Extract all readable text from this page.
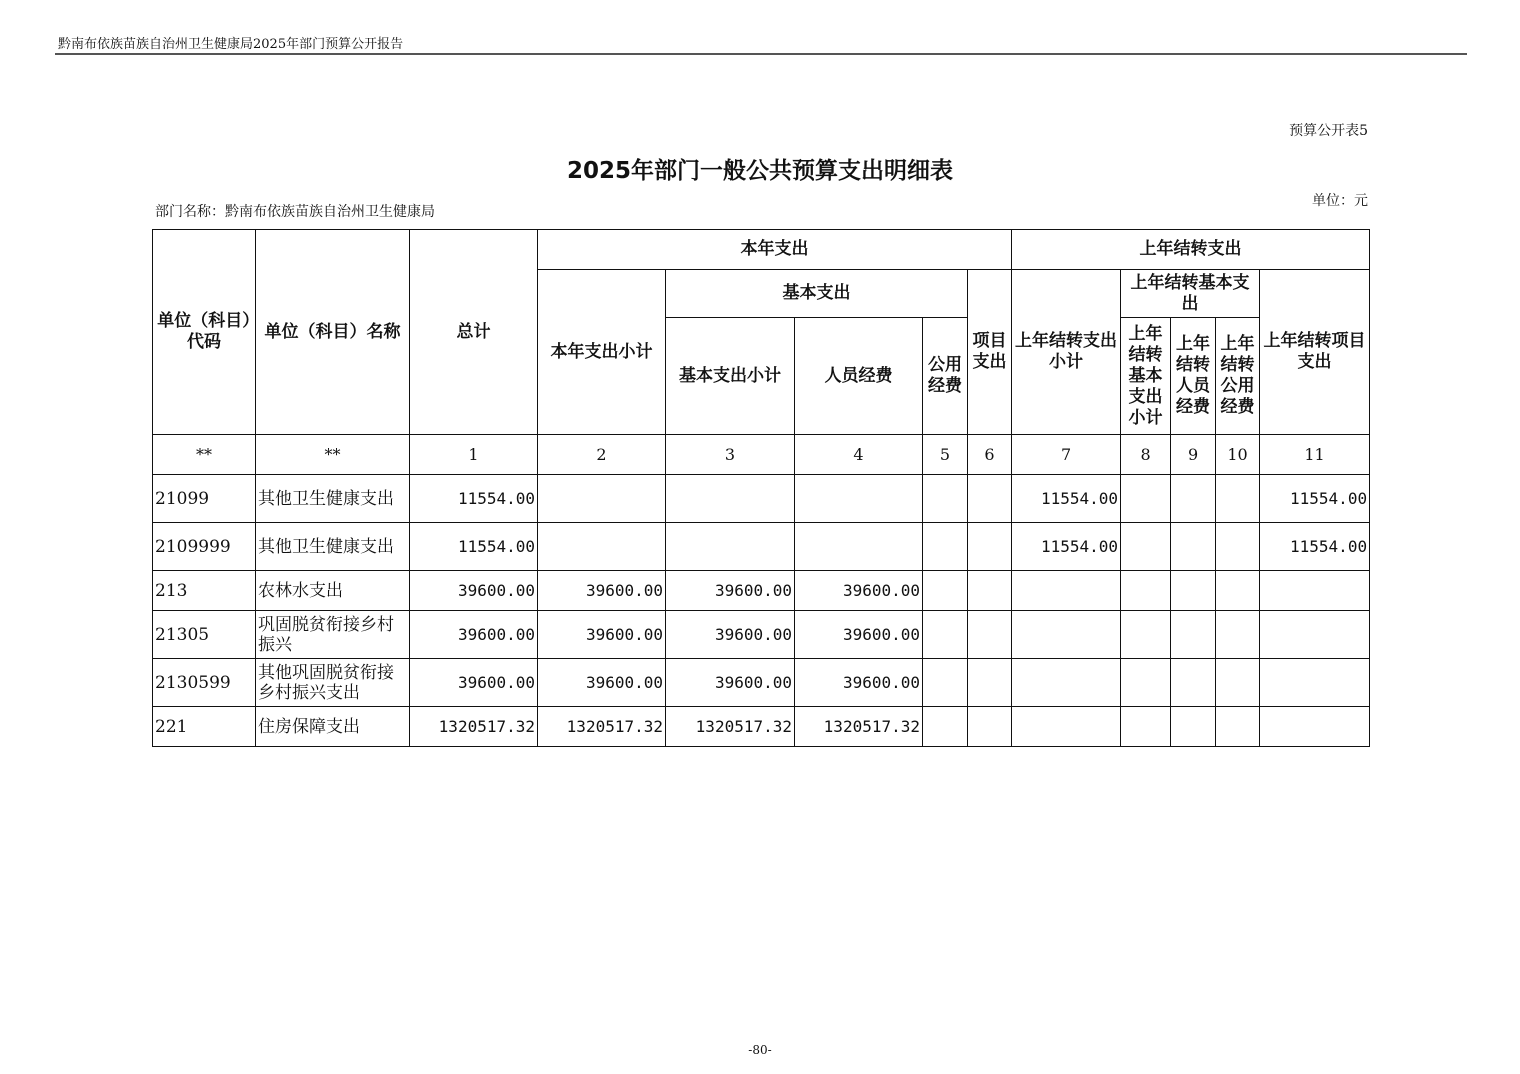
黔南布依族苗族自治州卫生健康局2025年部门预算公开报告
预算公开表5
2025年部门一般公共预算支出明细表
部门名称：黔南布依族苗族自治州卫生健康局
单位：元
单位（科目）代码	单位（科目）名称	总计	本年支出					上年结转支出				
			本年支出小计	基本支出			项目支出	上年结转支出小计	上年结转基本支出			上年结转项目支出
				基本支出小计	人员经费	公用经费			上年结转基本支出小计	上年结转人员经费	上年结转公用经费	
**	**	1	2	3	4	5	6	7	8	9	10	11
21099	其他卫生健康支出	11554.00						11554.00				11554.00
2109999	其他卫生健康支出	11554.00						11554.00				11554.00
213	农林水支出	39600.00	39600.00	39600.00	39600.00							
21305	巩固脱贫衔接乡村振兴	39600.00	39600.00	39600.00	39600.00							
2130599	其他巩固脱贫衔接乡村振兴支出	39600.00	39600.00	39600.00	39600.00							
221	住房保障支出	1320517.32	1320517.32	1320517.32	1320517.32							
-80-
